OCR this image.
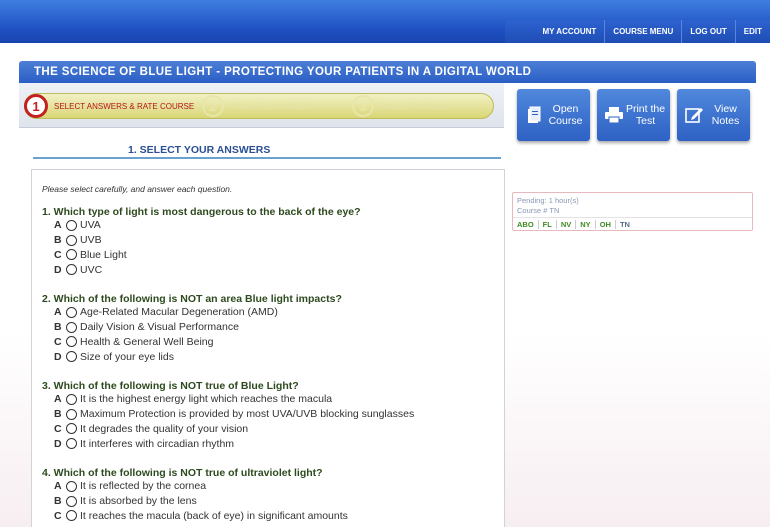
MY ACCOUNT	COURSE MENU	LOG OUT	EDIT
THE SCIENCE OF BLUE LIGHT - PROTECTING YOUR PATIENTS IN A DIGITAL WORLD
1	SELECT ANSWERS & RATE COURSE	2	Choose Payment Option	3	Request Certificate	Open Course
Print the Test
View Notes
1. SELECT YOUR ANSWERS
Please select carefully, and answer each question.
1. Which type of light is most dangerous to the back of the eye?
A	UVA
B	UVB
C	Blue Light
D	UVC
2. Which of the following is NOT an area Blue light impacts?
A	Age-Related Macular Degeneration (AMD)
B	Daily Vision & Visual Performance
C	Health & General Well Being
D	Size of your eye lids
3. Which of the following is NOT true of Blue Light?
A	It is the highest energy light which reaches the macula
B	Maximum Protection is provided by most UVA/UVB blocking sunglasses
C	It degrades the quality of your vision
D	It interferes with circadian rhythm
4. Which of the following is NOT true of ultraviolet light?
A	It is reflected by the cornea
B	It is absorbed by the lens
C	It reaches the macula (back of eye) in significant amounts
Pending: 1 hour(s)
Course # TN
ABO	FL	NV	NY	OH	TN
